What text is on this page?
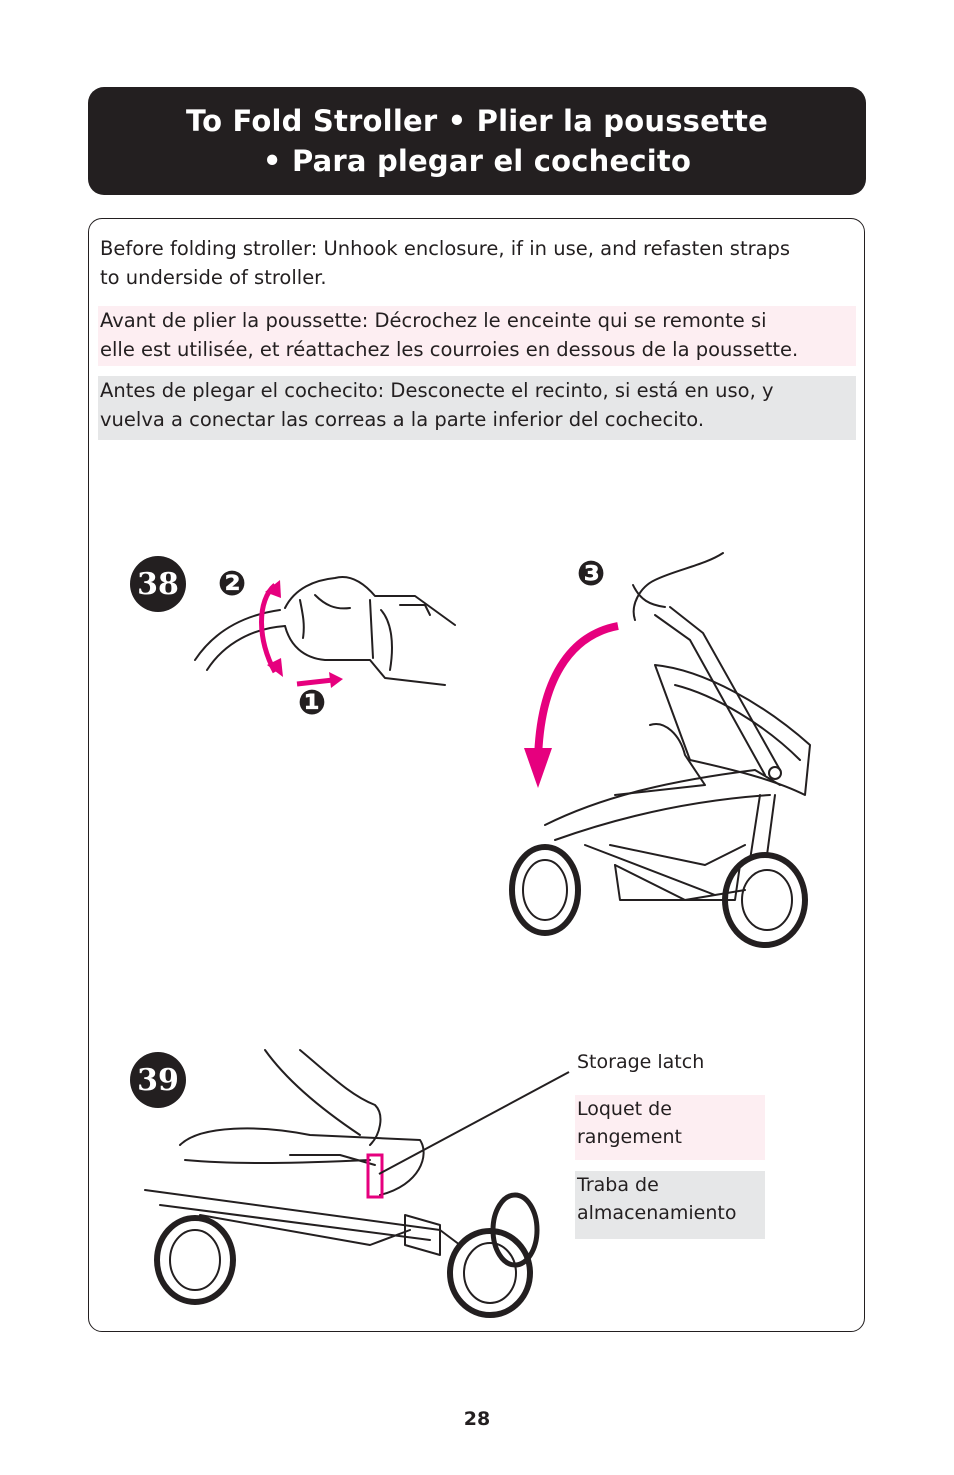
To Fold Stroller • Plier la poussette
• Para plegar el cochecito
Before folding stroller: Unhook enclosure, if in use, and refasten straps
to underside of stroller.
Avant de plier la poussette: Décrochez le enceinte qui se remonte si
elle est utilisée, et réattachez les courroies en dessous de la poussette.
Antes de plegar el cochecito: Desconecte el recinto, si está en uso, y
vuelva a conectar las correas a la parte inferior del cochecito.
38 ❷
❶
❸
39
Storage latch
Loquet de
rangement
Traba de
almacenamiento
28
